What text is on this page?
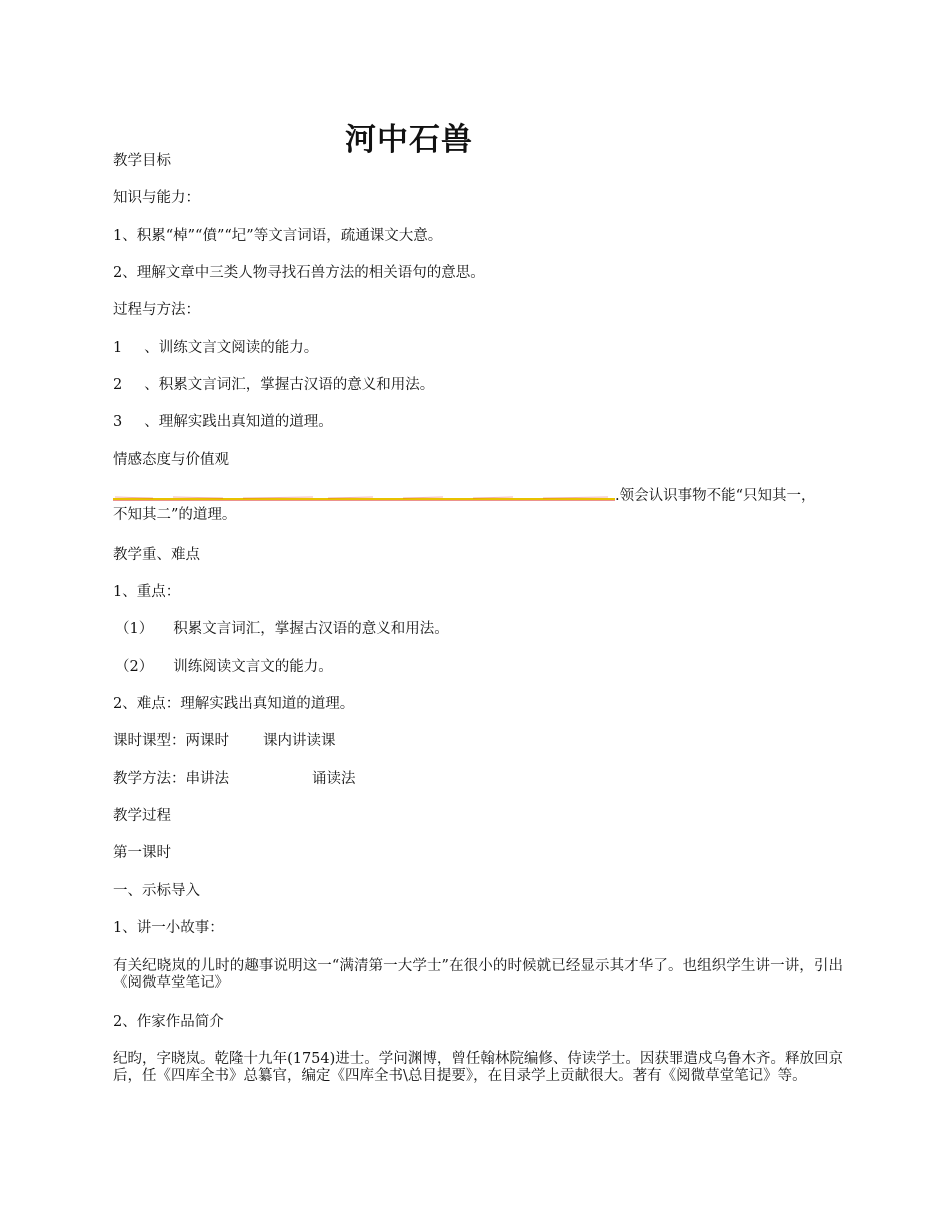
河中石兽

教学目标

知识与能力：

1、积累“棹”“僨”“圮”等文言词语，疏通课文大意。

2、理解文章中三类人物寻找石兽方法的相关语句的意思。

过程与方法：

1 、训练文言文阅读的能力。

2 、积累文言词汇，掌握古汉语的意义和用法。

3 、理解实践出真知道的道理。

情感态度与价值观

.领会认识事物不能“只知其一，
不知其二”的道理。

教学重、难点

1、重点：

（1） 积累文言词汇，掌握古汉语的意义和用法。

（2） 训练阅读文言文的能力。

2、难点：理解实践出真知道的道理。

课时课型：两课时 课内讲读课

教学方法：串讲法	诵读法

教学过程

第一课时

一、示标导入

1、讲一小故事：

有关纪晓岚的儿时的趣事说明这一“满清第一大学士”在很小的时候就已经显示其才华了。也组织学生讲一讲，引出《阅微草堂笔记》

2、作家作品简介

纪昀，字晓岚。乾隆十九年(1754)进士。学问渊博，曾任翰林院编修、侍读学士。因获罪遣戍乌鲁木齐。释放回京后，任《四库全书》总纂官，编定《四库全书\总目提要》，在目录学上贡献很大。著有《阅微草堂笔记》等。
